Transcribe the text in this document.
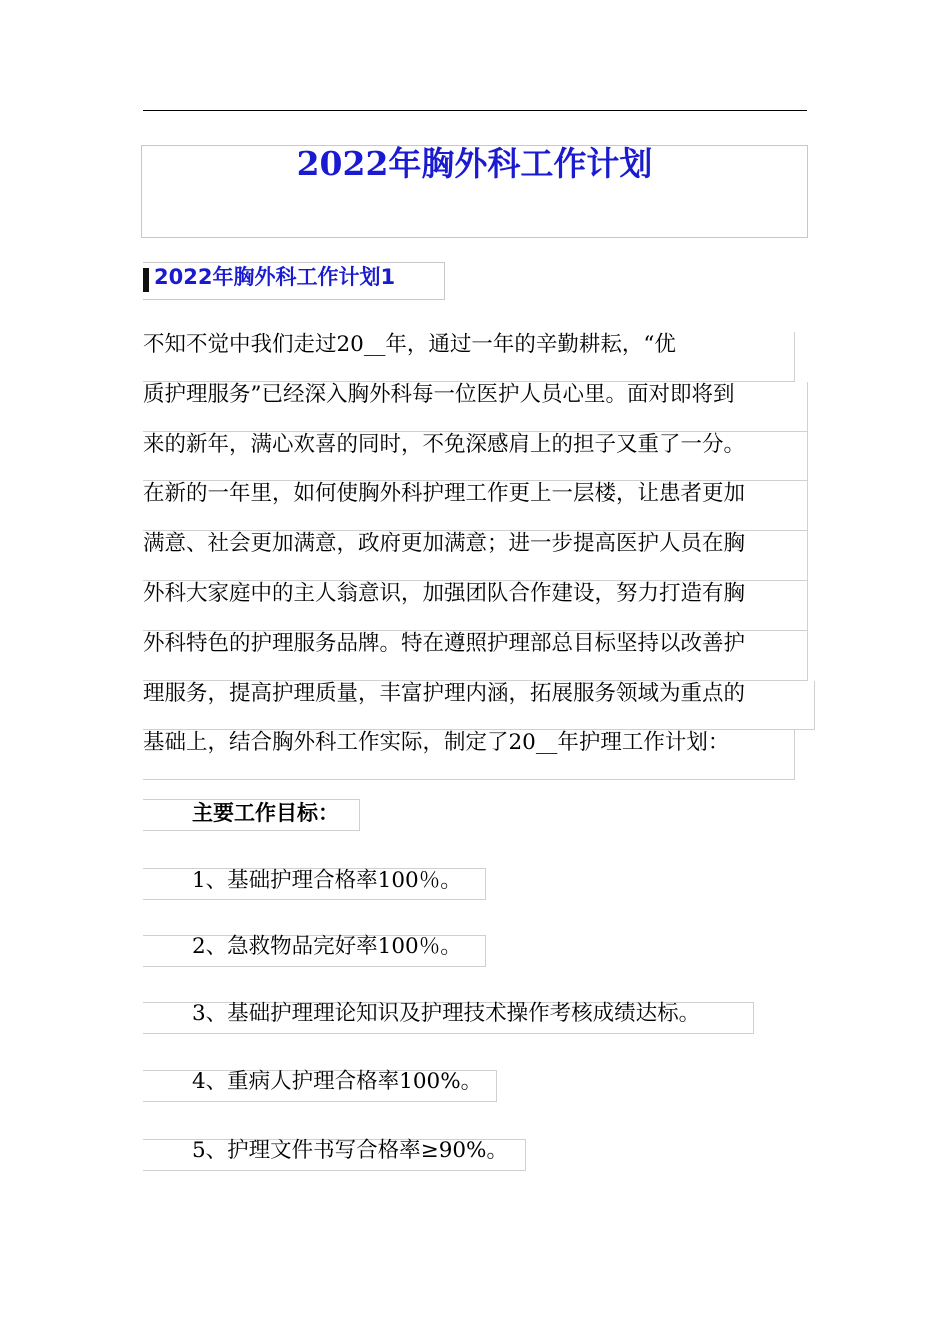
2022年胸外科工作计划
2022年胸外科工作计划1
不知不觉中我们走过20__年，通过一年的辛勤耕耘，“优
质护理服务”已经深入胸外科每一位医护人员心里。面对即将到
来的新年，满心欢喜的同时，不免深感肩上的担子又重了一分。
在新的一年里，如何使胸外科护理工作更上一层楼，让患者更加
满意、社会更加满意，政府更加满意；进一步提高医护人员在胸
外科大家庭中的主人翁意识，加强团队合作建设，努力打造有胸
外科特色的护理服务品牌。特在遵照护理部总目标坚持以改善护
理服务，提高护理质量，丰富护理内涵，拓展服务领域为重点的
基础上，结合胸外科工作实际，制定了20__年护理工作计划：
主要工作目标：
1、基础护理合格率100％。
2、急救物品完好率100％。
3、基础护理理论知识及护理技术操作考核成绩达标。
4、重病人护理合格率100%。
5、护理文件书写合格率≥90%。
